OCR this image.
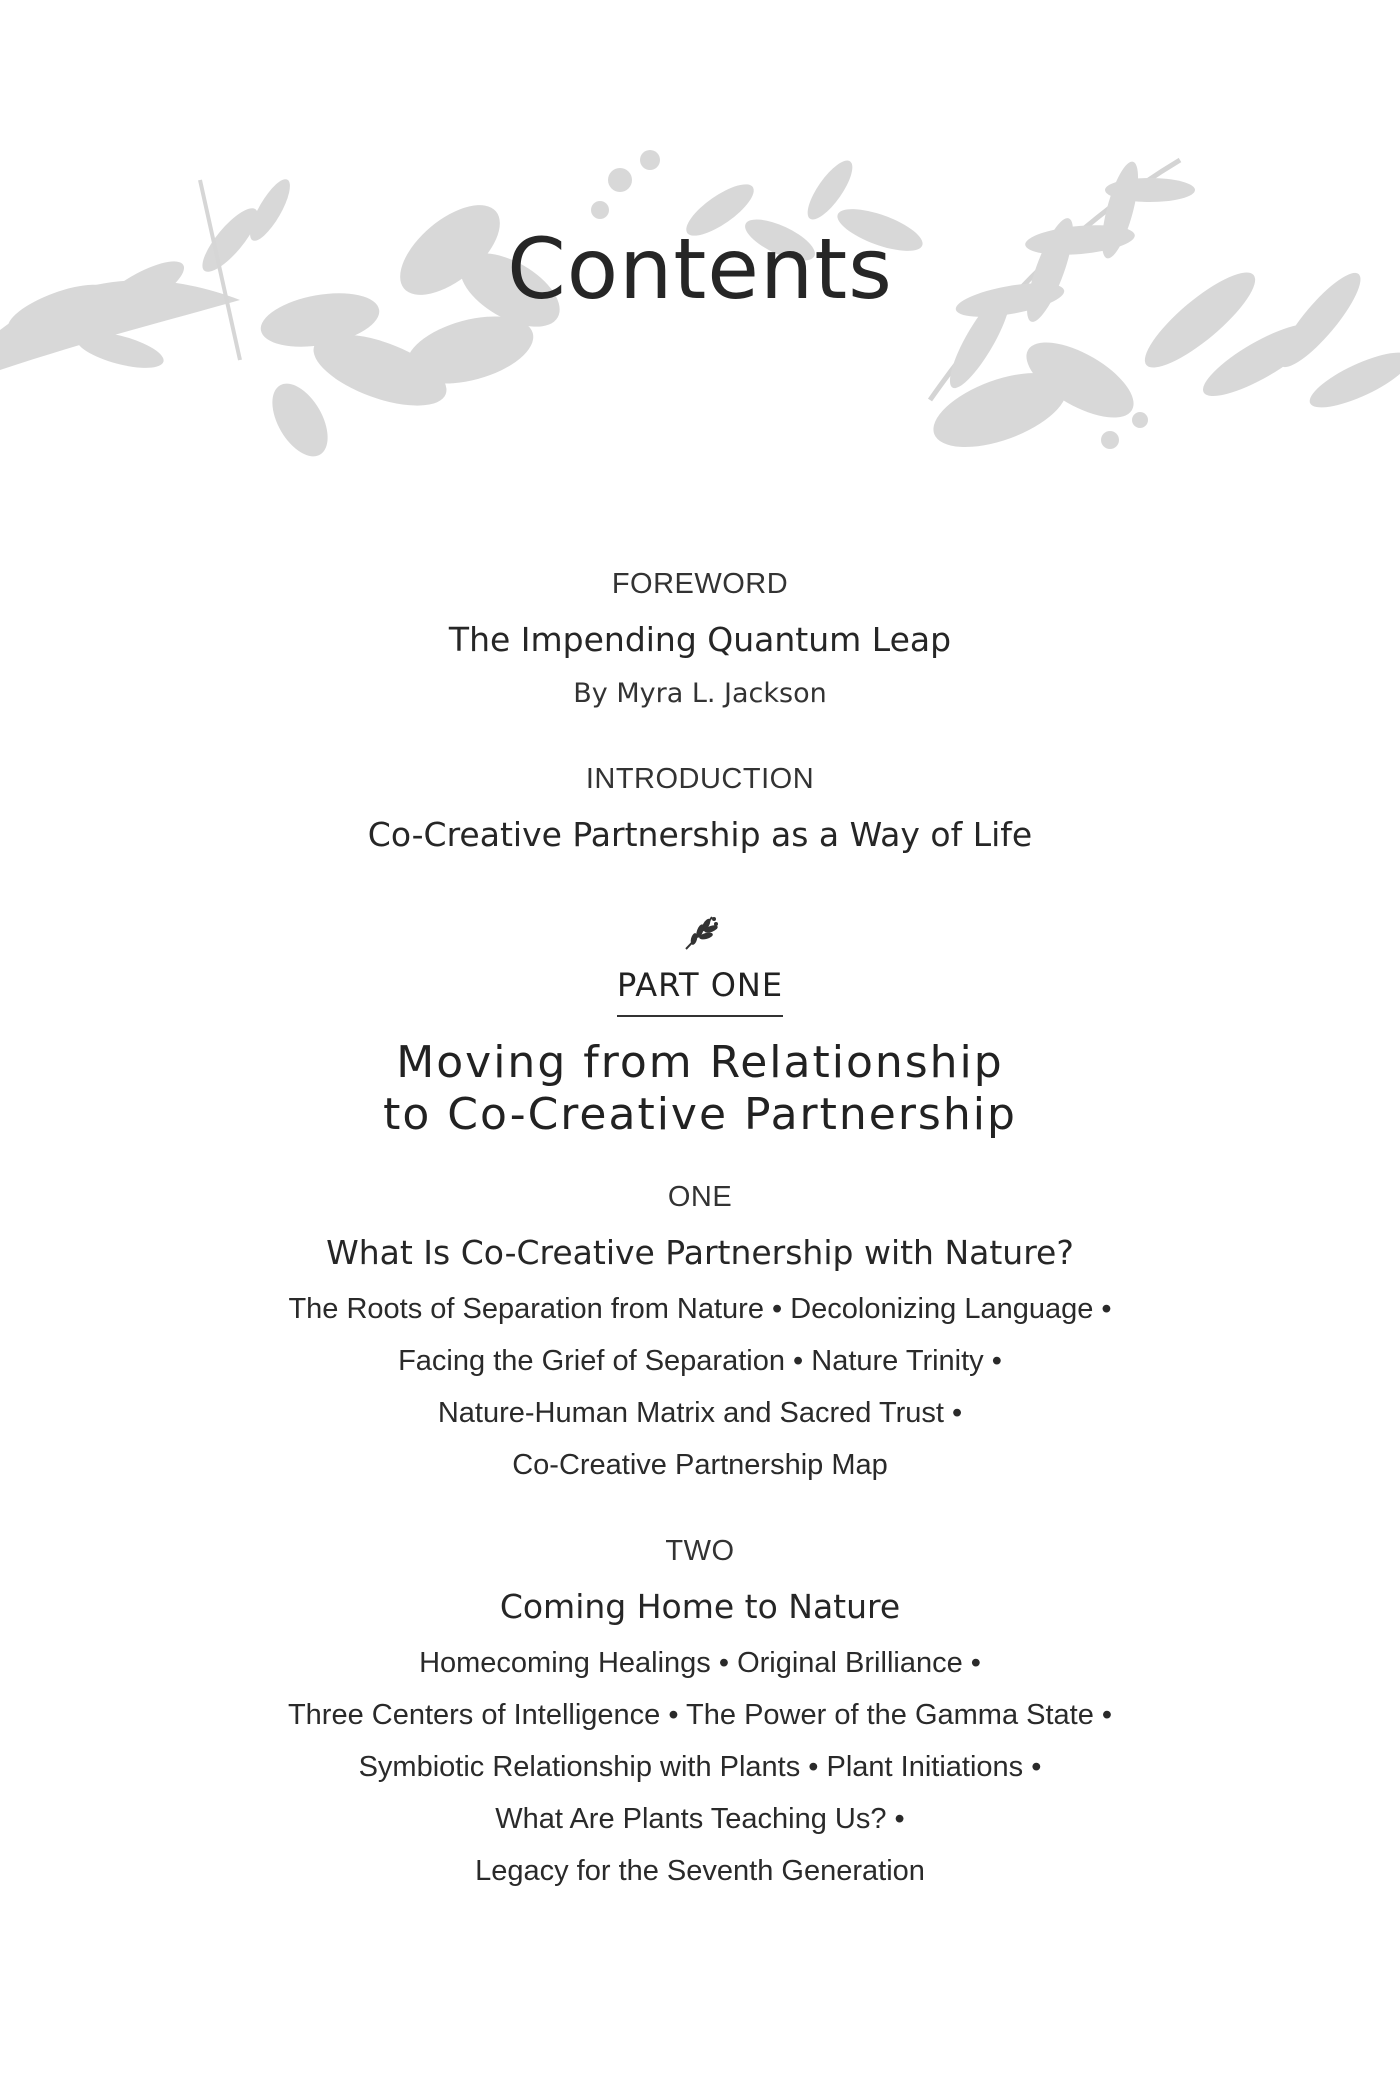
Contents

FOREWORD

The Impending Quantum Leap

By Myra L. Jackson

INTRODUCTION

Co-Creative Partnership as a Way of Life

PART ONE

Moving from Relationship

to Co-Creative Partnership

ONE

What Is Co-Creative Partnership with Nature?

The Roots of Separation from Nature • Decolonizing Language •

Facing the Grief of Separation • Nature Trinity •

Nature-Human Matrix and Sacred Trust •

Co-Creative Partnership Map

TWO

Coming Home to Nature

Homecoming Healings • Original Brilliance •

Three Centers of Intelligence • The Power of the Gamma State •

Symbiotic Relationship with Plants • Plant Initiations •

What Are Plants Teaching Us? •

Legacy for the Seventh Generation
